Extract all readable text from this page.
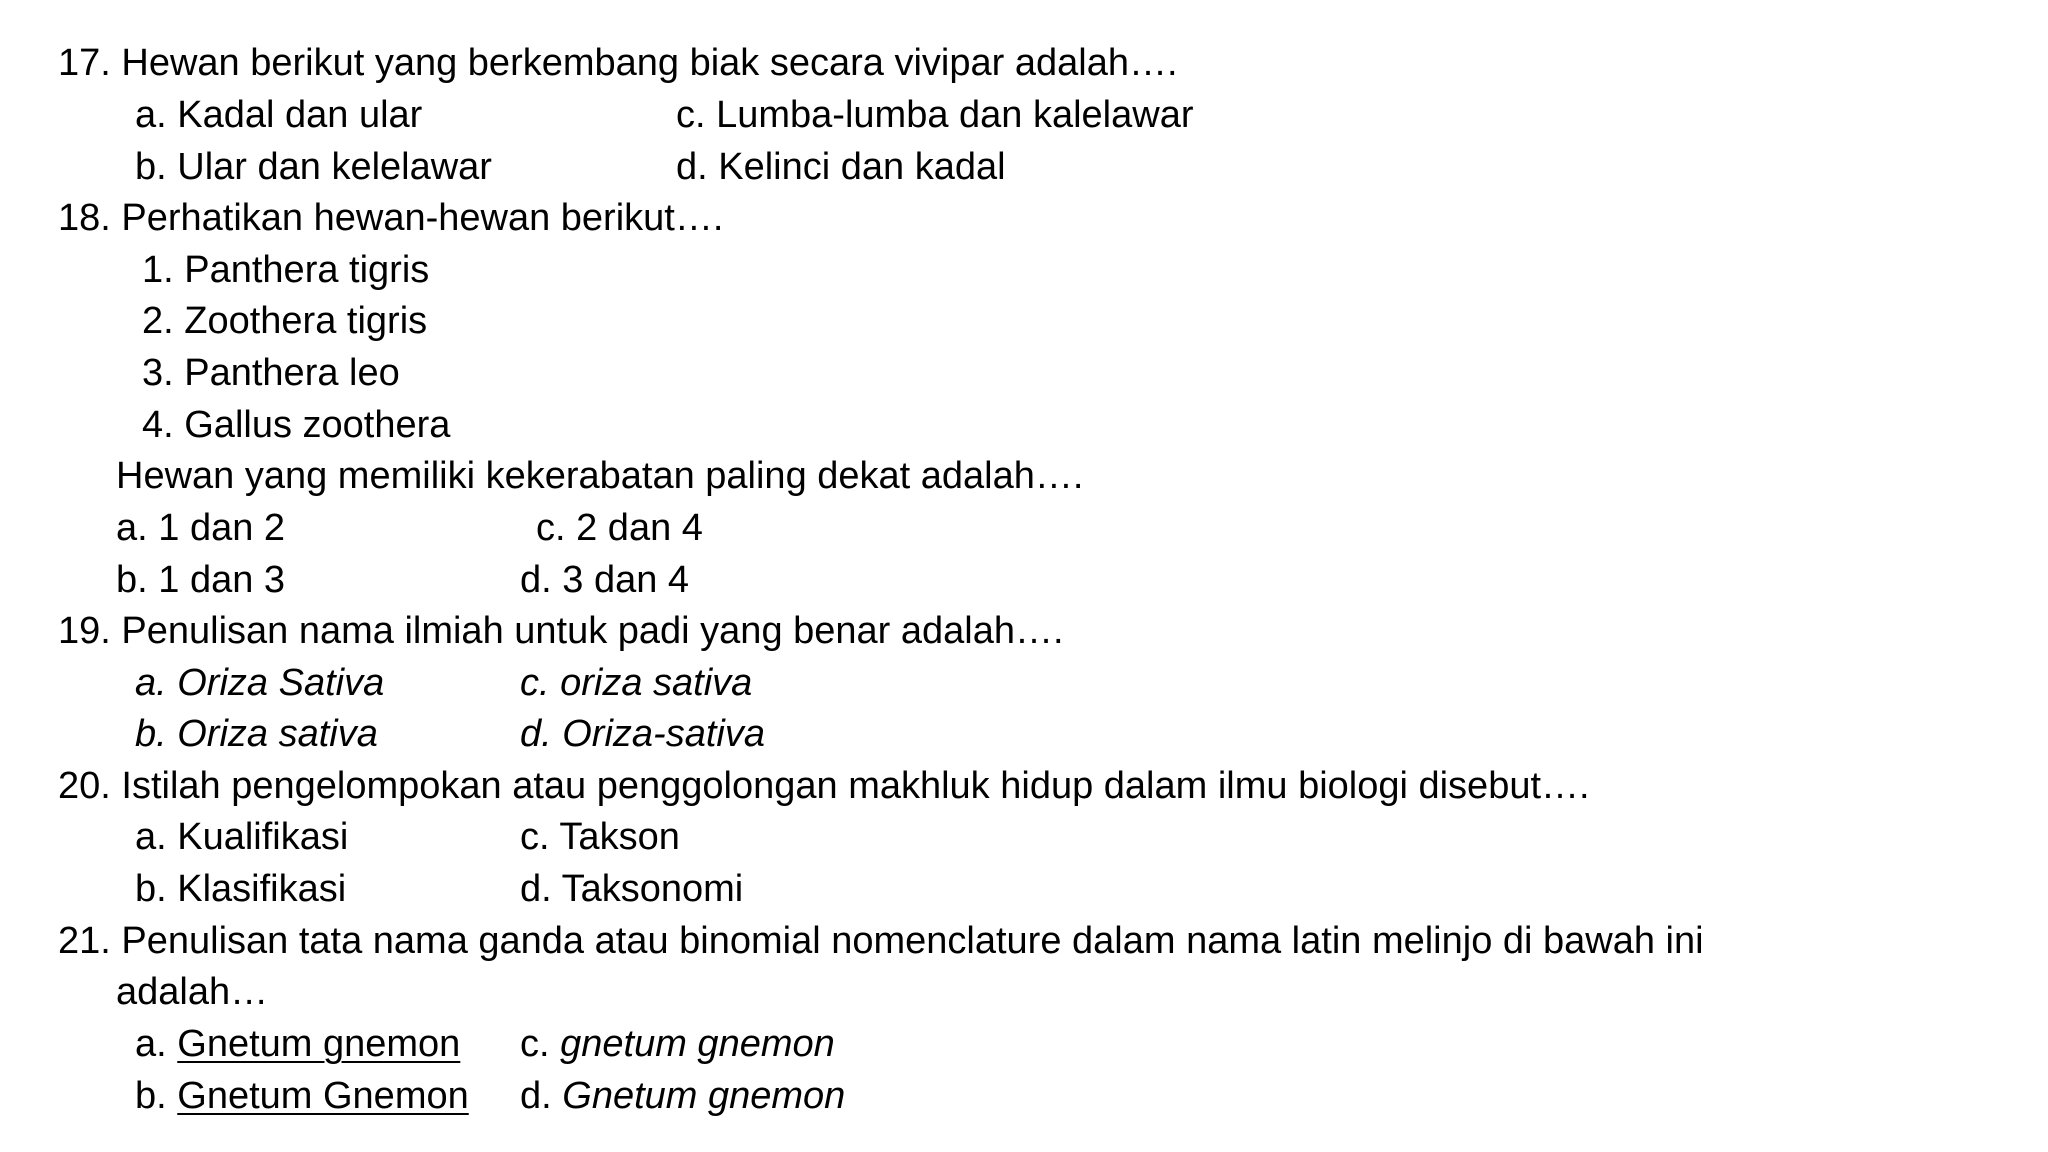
17. Hewan berikut yang berkembang biak secara vivipar adalah….

a. Kadal dan ular	c. Lumba-lumba dan kalelawar

b. Ular dan kelelawar	d. Kelinci dan kadal

18. Perhatikan hewan-hewan berikut….

1. Panthera tigris

2. Zoothera tigris

3. Panthera leo

4. Gallus zoothera

Hewan yang memiliki kekerabatan paling dekat adalah….

a. 1 dan 2	c. 2 dan 4

b. 1 dan 3	d. 3 dan 4

19. Penulisan nama ilmiah untuk padi yang benar adalah….

a. Oriza Sativa	c. oriza sativa

b. Oriza sativa	d. Oriza-sativa

20. Istilah pengelompokan atau penggolongan makhluk hidup dalam ilmu biologi disebut….

a. Kualifikasi	c. Takson

b. Klasifikasi	d. Taksonomi

21. Penulisan tata nama ganda atau binomial nomenclature dalam nama latin melinjo di bawah ini

adalah…

a. Gnetum gnemon c. gnetum gnemon

b. Gnetum Gnemon d. Gnetum gnemon
